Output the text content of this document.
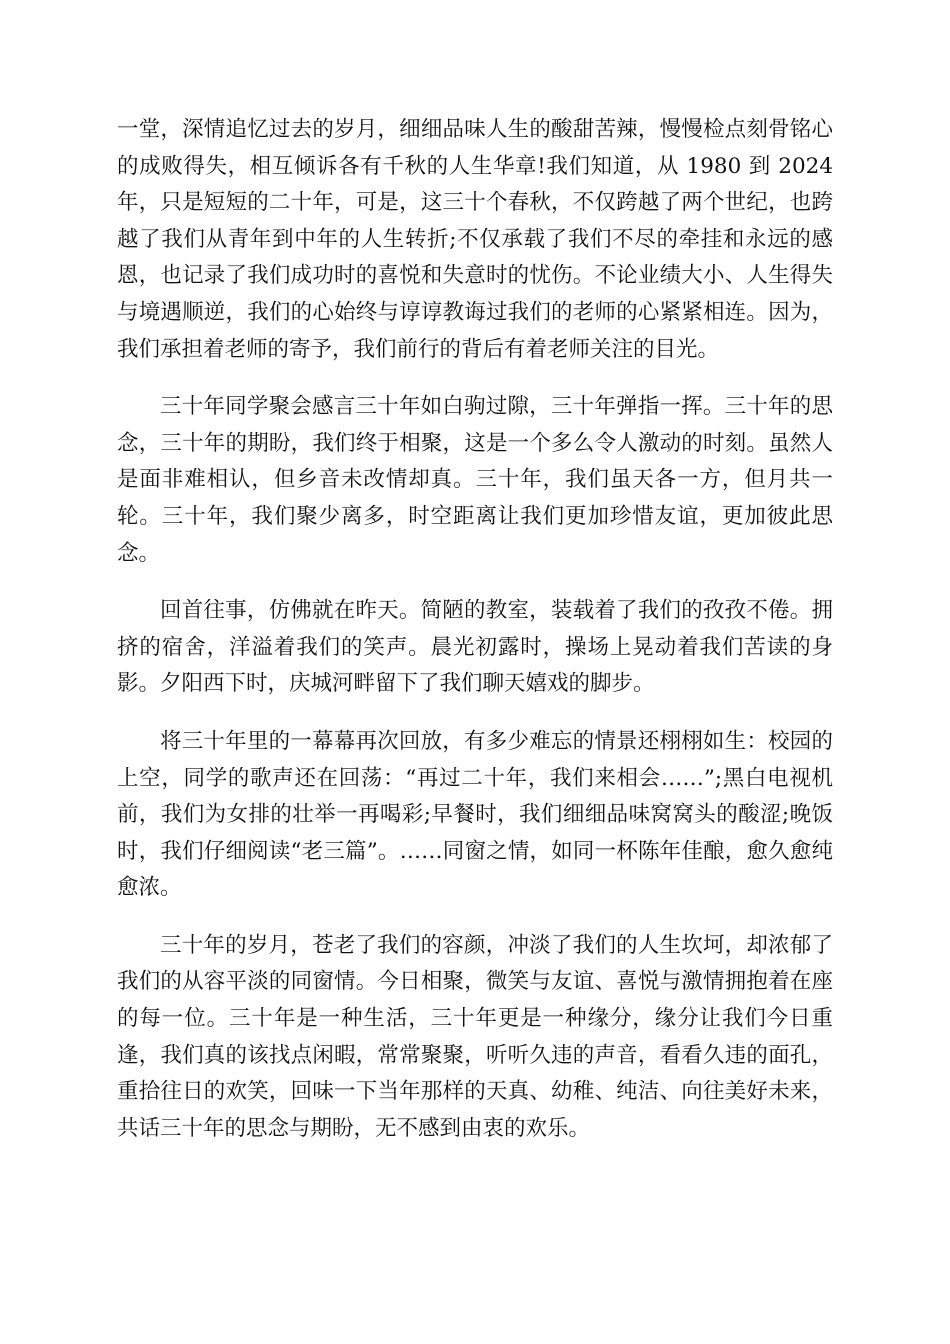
一堂，深情追忆过去的岁月，细细品味人生的酸甜苦辣，慢慢检点刻骨铭心的成败得失，相互倾诉各有千秋的人生华章!我们知道，从 1980 到 2024 年，只是短短的二十年，可是，这三十个春秋，不仅跨越了两个世纪，也跨越了我们从青年到中年的人生转折;不仅承载了我们不尽的牵挂和永远的感恩，也记录了我们成功时的喜悦和失意时的忧伤。不论业绩大小、人生得失与境遇顺逆，我们的心始终与谆谆教诲过我们的老师的心紧紧相连。因为，我们承担着老师的寄予，我们前行的背后有着老师关注的目光。

三十年同学聚会感言三十年如白驹过隙，三十年弹指一挥。三十年的思念，三十年的期盼，我们终于相聚，这是一个多么令人激动的时刻。虽然人是面非难相认，但乡音未改情却真。三十年，我们虽天各一方，但月共一轮。三十年，我们聚少离多，时空距离让我们更加珍惜友谊，更加彼此思念。

回首往事，仿佛就在昨天。简陋的教室，装载着了我们的孜孜不倦。拥挤的宿舍，洋溢着我们的笑声。晨光初露时，操场上晃动着我们苦读的身影。夕阳西下时，庆城河畔留下了我们聊天嬉戏的脚步。

将三十年里的一幕幕再次回放，有多少难忘的情景还栩栩如生：校园的上空，同学的歌声还在回荡：“再过二十年，我们来相会……”;黑白电视机前，我们为女排的壮举一再喝彩;早餐时，我们细细品味窝窝头的酸涩;晚饭时，我们仔细阅读“老三篇”。……同窗之情，如同一杯陈年佳酿，愈久愈纯愈浓。

三十年的岁月，苍老了我们的容颜，冲淡了我们的人生坎坷，却浓郁了我们的从容平淡的同窗情。今日相聚，微笑与友谊、喜悦与激情拥抱着在座的每一位。三十年是一种生活，三十年更是一种缘分，缘分让我们今日重逢，我们真的该找点闲暇，常常聚聚，听听久违的声音，看看久违的面孔，重拾往日的欢笑，回味一下当年那样的天真、幼稚、纯洁、向往美好未来，共话三十年的思念与期盼，无不感到由衷的欢乐。
